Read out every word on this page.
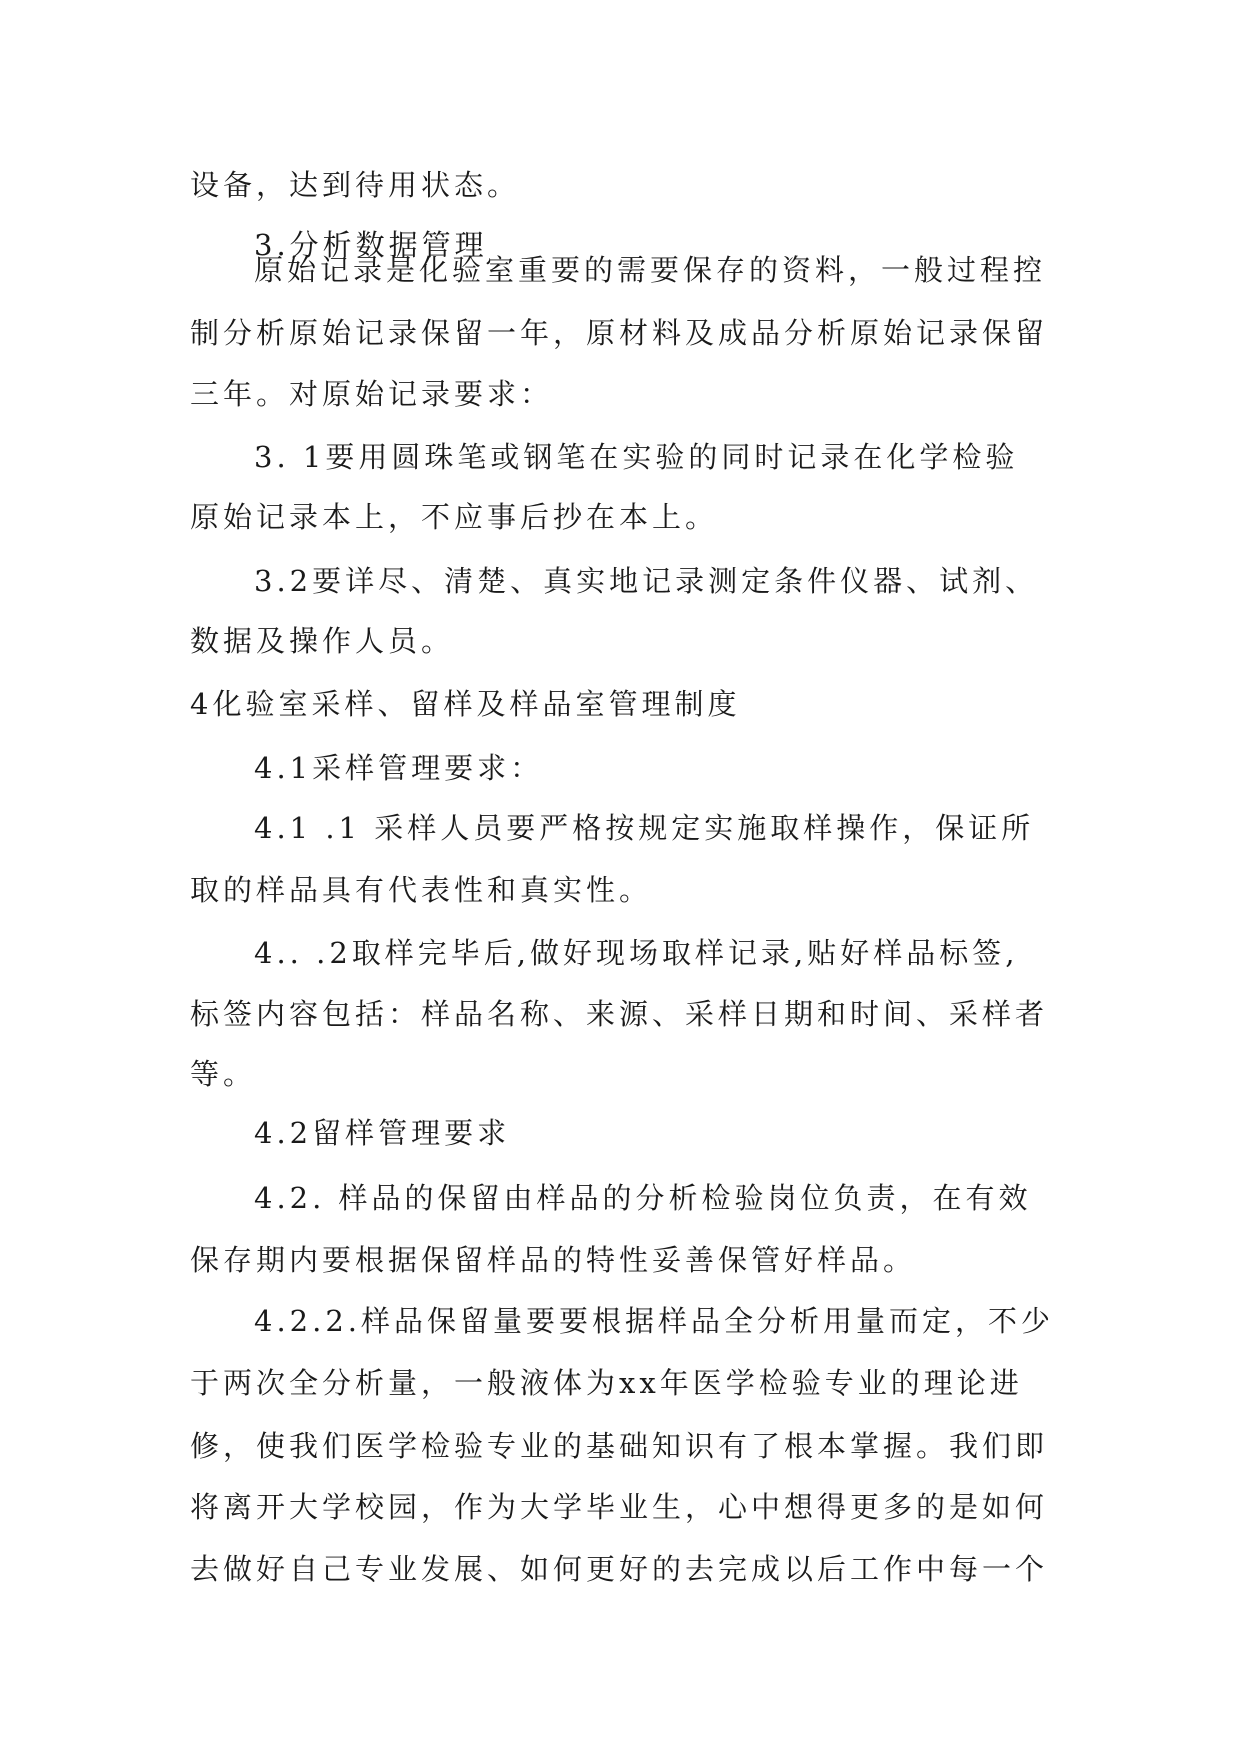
设备，达到待用状态。
3.分析数据管理
原始记录是化验室重要的需要保存的资料，一般过程控
制分析原始记录保留一年，原材料及成品分析原始记录保留
三年。对原始记录要求：
3. 1要用圆珠笔或钢笔在实验的同时记录在化学检验
原始记录本上，不应事后抄在本上。
3.2要详尽、清楚、真实地记录测定条件仪器、试剂、
数据及操作人员。
4化验室采样、留样及样品室管理制度
4.1采样管理要求：
4.1 .1 采样人员要严格按规定实施取样操作，保证所
取的样品具有代表性和真实性。
4.. .2取样完毕后,做好现场取样记录,贴好样品标签,
标签内容包括：样品名称、来源、采样日期和时间、采样者
等。
4.2留样管理要求
4.2. 样品的保留由样品的分析检验岗位负责，在有效
保存期内要根据保留样品的特性妥善保管好样品。
4.2.2.样品保留量要要根据样品全分析用量而定，不少
于两次全分析量，一般液体为xx年医学检验专业的理论进
修，使我们医学检验专业的基础知识有了根本掌握。我们即
将离开大学校园，作为大学毕业生，心中想得更多的是如何
去做好自己专业发展、如何更好的去完成以后工作中每一个
